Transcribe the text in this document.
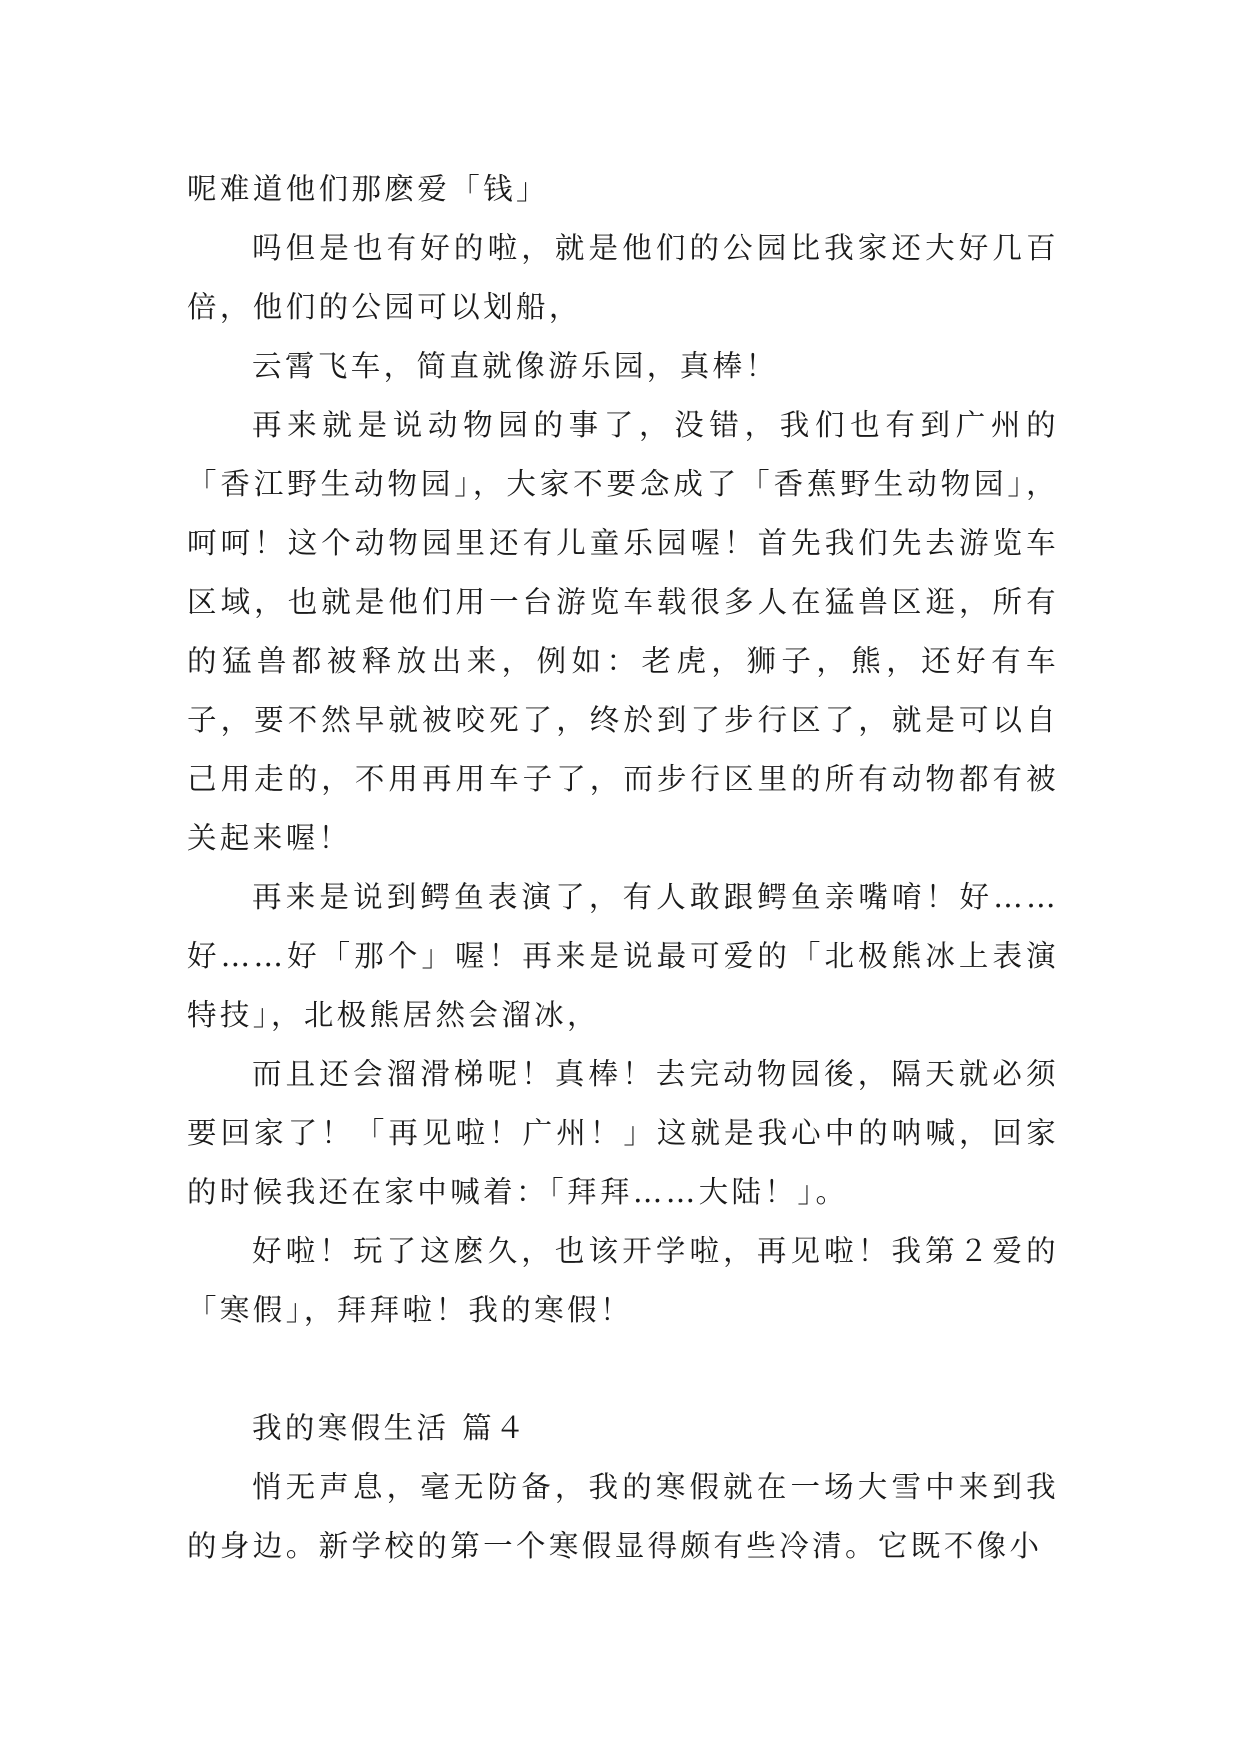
呢难道他们那麽爱「钱」

吗但是也有好的啦，就是他们的公园比我家还大好几百倍，他们的公园可以划船，

云霄飞车，简直就像游乐园，真棒！

再来就是说动物园的事了，没错，我们也有到广州的「香江野生动物园」，大家不要念成了「香蕉野生动物园」，呵呵！这个动物园里还有儿童乐园喔！首先我们先去游览车区域，也就是他们用一台游览车载很多人在猛兽区逛，所有的猛兽都被释放出来，例如：老虎，狮子，熊，还好有车子，要不然早就被咬死了，终於到了步行区了，就是可以自己用走的，不用再用车子了，而步行区里的所有动物都有被关起来喔！

再来是说到鳄鱼表演了，有人敢跟鳄鱼亲嘴唷！好……好……好「那个」喔！再来是说最可爱的「北极熊冰上表演特技」，北极熊居然会溜冰，

而且还会溜滑梯呢！真棒！去完动物园後，隔天就必须要回家了！「再见啦！广州！」这就是我心中的呐喊，回家的时候我还在家中喊着：「拜拜……大陆！」。

好啦！玩了这麽久，也该开学啦，再见啦！我第２爱的「寒假」，拜拜啦！我的寒假！

我的寒假生活 篇４

悄无声息，毫无防备，我的寒假就在一场大雪中来到我的身边。新学校的第一个寒假显得颇有些冷清。它既不像小
